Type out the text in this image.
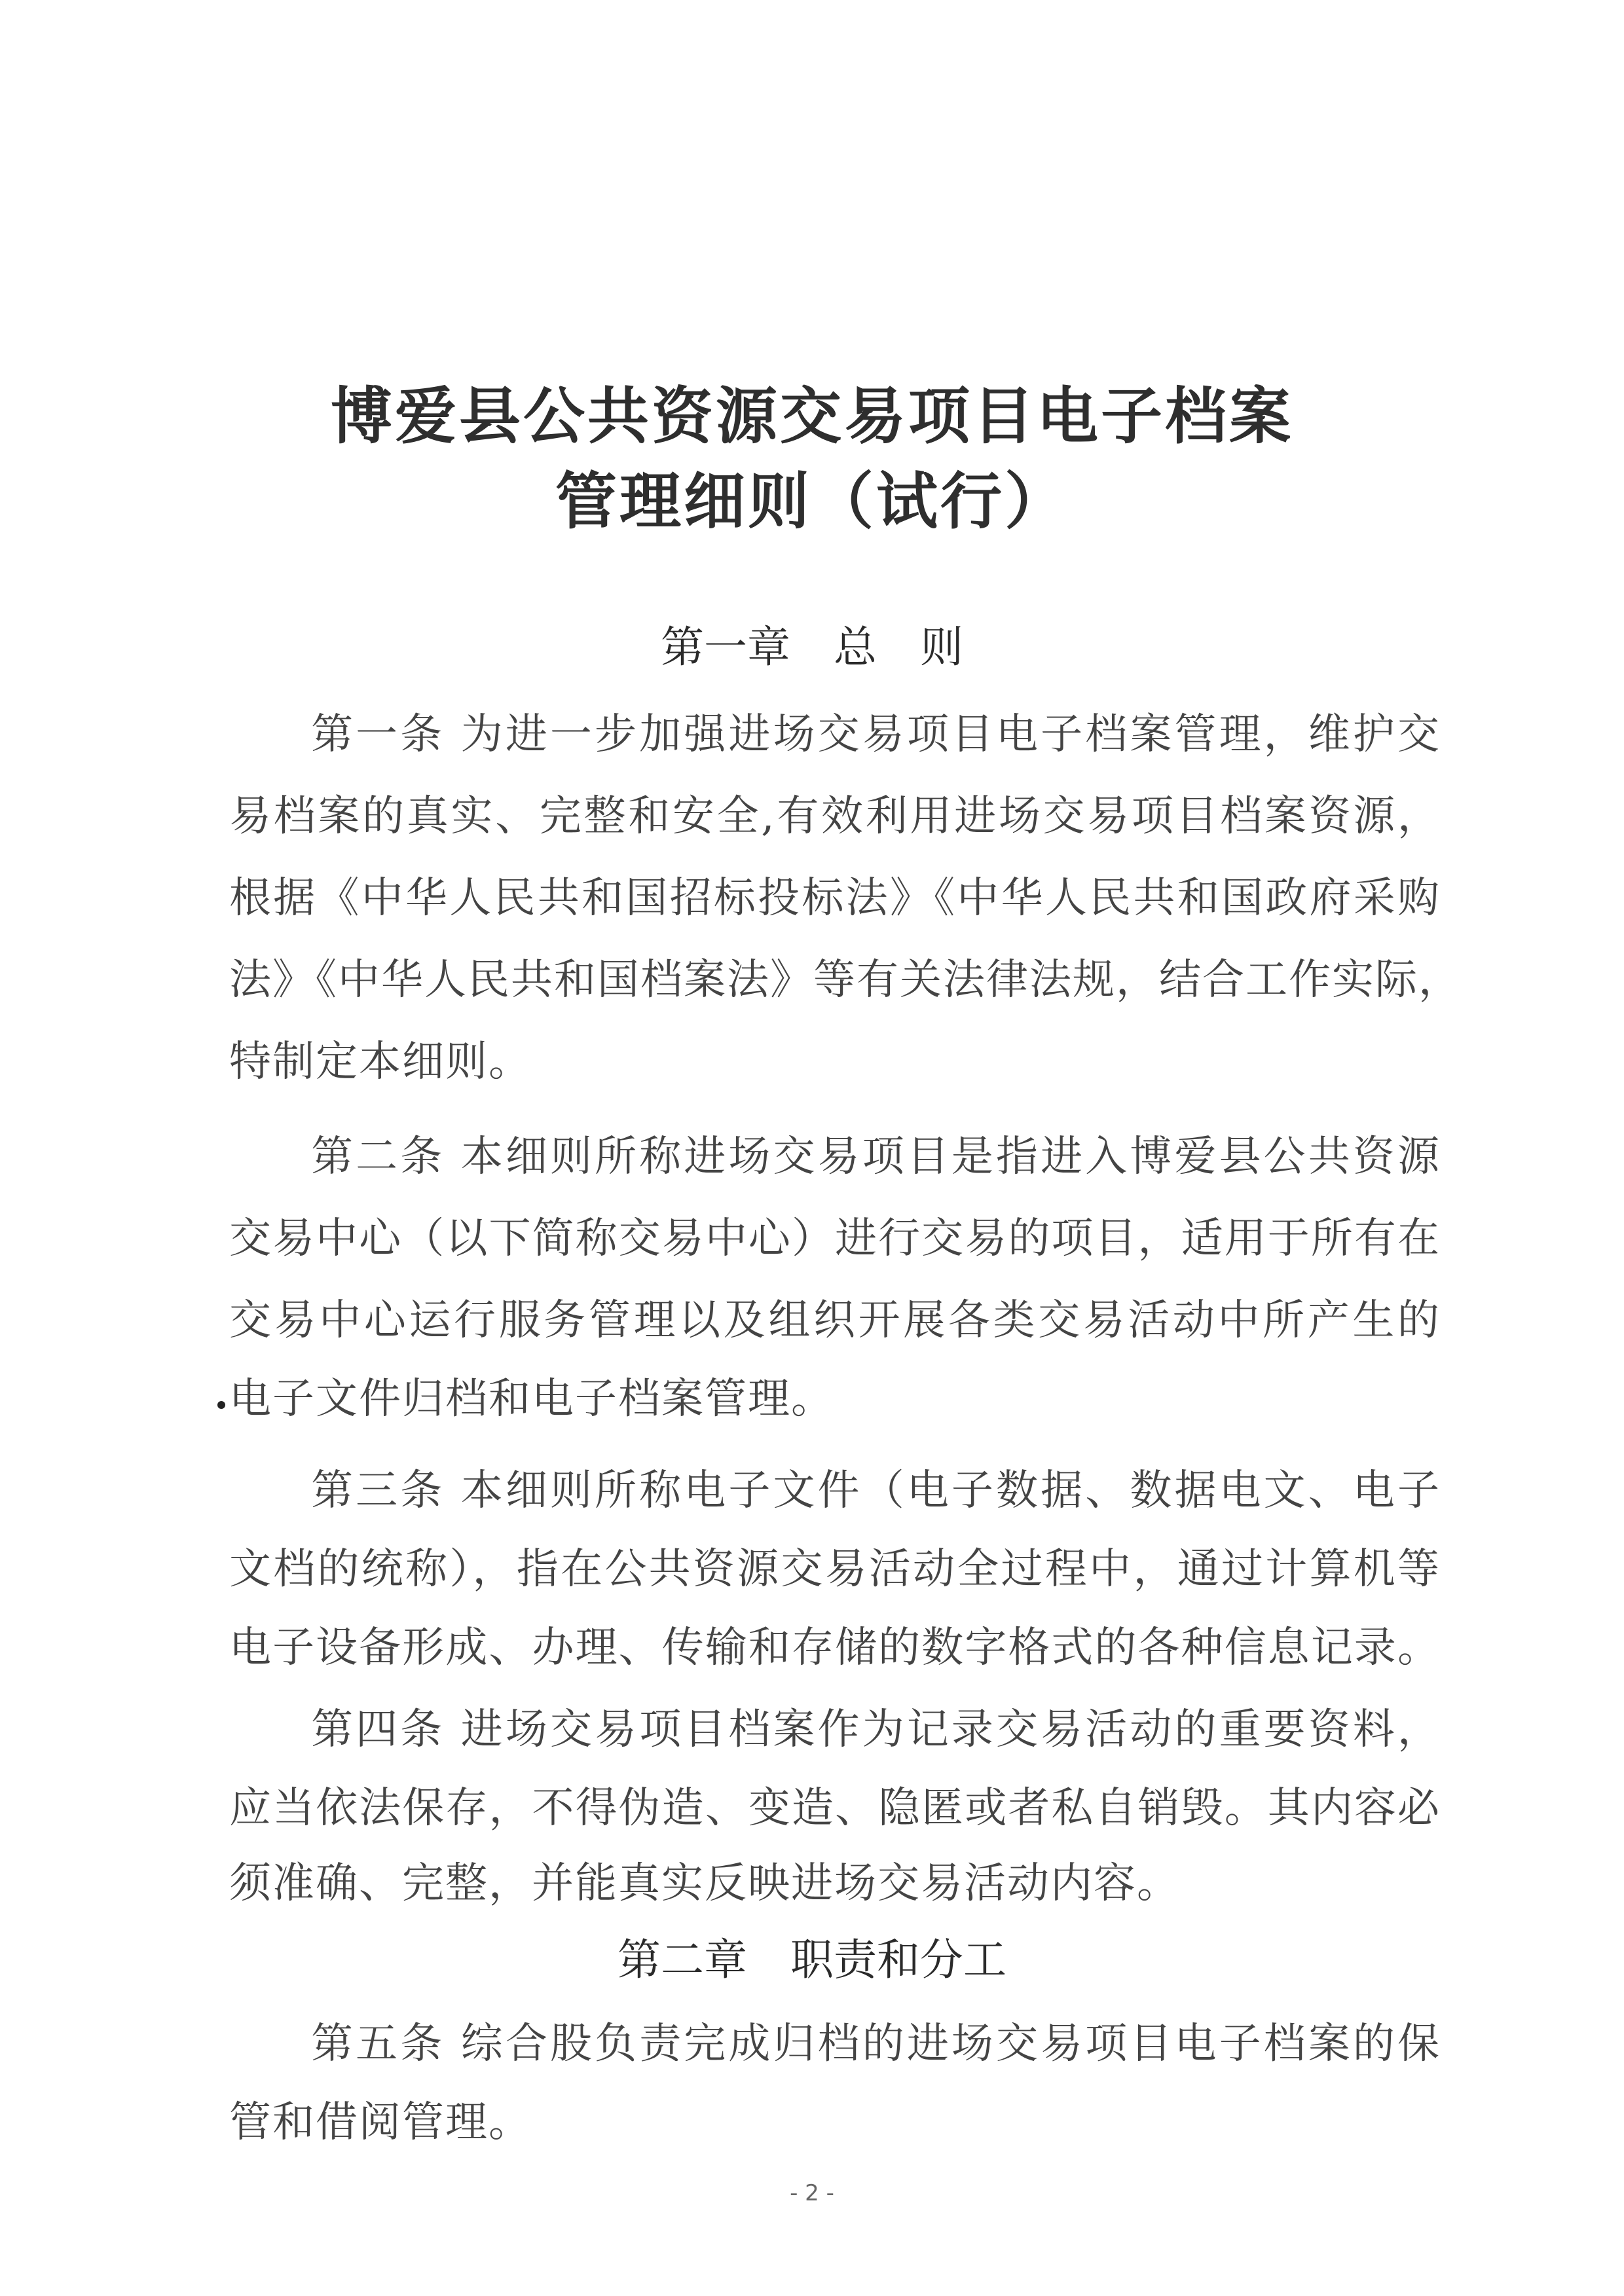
博爱县公共资源交易项目电子档案
管理细则（试行）
第一章　总　则
第一条 为进一步加强进场交易项目电子档案管理，维护交
易档案的真实、完整和安全,有效利用进场交易项目档案资源，
根据《中华人民共和国招标投标法》《中华人民共和国政府采购
法》《中华人民共和国档案法》等有关法律法规，结合工作实际，
特制定本细则。
第二条 本细则所称进场交易项目是指进入博爱县公共资源
交易中心（以下简称交易中心）进行交易的项目，适用于所有在
交易中心运行服务管理以及组织开展各类交易活动中所产生的
电子文件归档和电子档案管理。
第三条 本细则所称电子文件（电子数据、数据电文、电子
文档的统称），指在公共资源交易活动全过程中，通过计算机等
电子设备形成、办理、传输和存储的数字格式的各种信息记录。
第四条 进场交易项目档案作为记录交易活动的重要资料，
应当依法保存，不得伪造、变造、隐匿或者私自销毁。其内容必
须准确、完整，并能真实反映进场交易活动内容。
第二章　职责和分工
第五条 综合股负责完成归档的进场交易项目电子档案的保
管和借阅管理。
- 2 -
